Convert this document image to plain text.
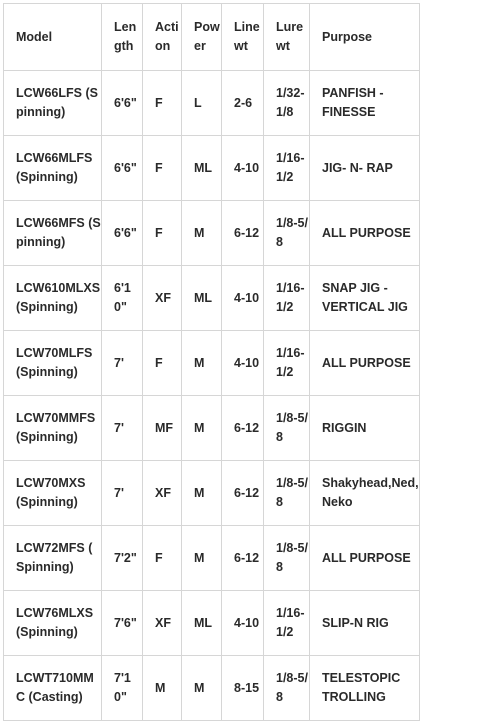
Model	Length	Action	Power	Line wt	Lure wt	Purpose
LCW66LFS (Spinning)	6'6"	F	L	2-6	1/32-1/8	PANFISH - FINESSE
LCW66MLFS (Spinning)	6'6"	F	ML	4-10	1/16-1/2	JIG- N- RAP
LCW66MFS (Spinning)	6'6"	F	M	6-12	1/8-5/8	ALL PURPOSE
LCW610MLXS(Spinning)	6'10"	XF	ML	4-10	1/16-1/2	SNAP JIG - VERTICAL JIG
LCW70MLFS (Spinning)	7'	F	M	4-10	1/16-1/2	ALL PURPOSE
LCW70MMFS (Spinning)	7'	MF	M	6-12	1/8-5/8	RIGGIN
LCW70MXS (Spinning)	7'	XF	M	6-12	1/8-5/8	Shakyhead,Ned, Neko
LCW72MFS ( Spinning)	7'2"	F	M	6-12	1/8-5/8	ALL PURPOSE
LCW76MLXS (Spinning)	7'6"	XF	ML	4-10	1/16-1/2	SLIP-N RIG
LCWT710MMC (Casting)	7'10"	M	M	8-15	1/8-5/8	TELESTOPIC TROLLING
